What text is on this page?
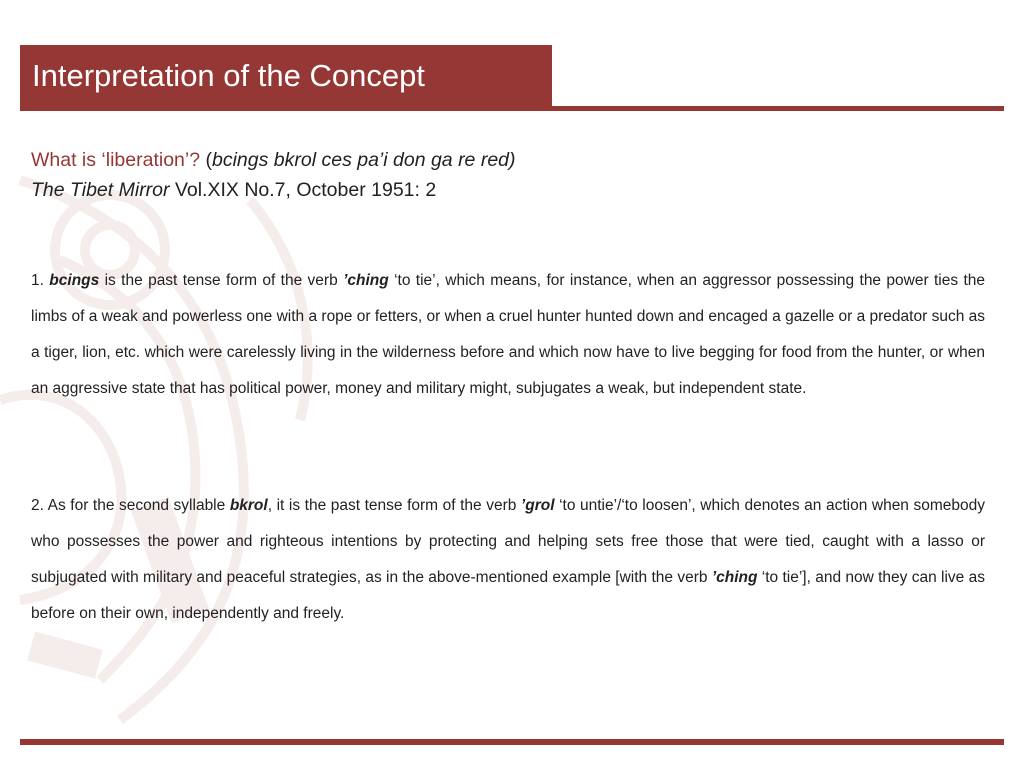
Interpretation of the Concept
What is ‘liberation’? (bcings bkrol ces pa’i don ga re red)
The Tibet Mirror Vol.XIX No.7, October 1951: 2
1. bcings is the past tense form of the verb ’ching ‘to tie’, which means, for instance, when an aggressor possessing the power ties the limbs of a weak and powerless one with a rope or fetters, or when a cruel hunter hunted down and encaged a gazelle or a predator such as a tiger, lion, etc. which were carelessly living in the wilderness before and which now have to live begging for food from the hunter, or when an aggressive state that has political power, money and military might, subjugates a weak, but independent state.
2. As for the second syllable bkrol, it is the past tense form of the verb ’grol ‘to untie’/‘to loosen’, which denotes an action when somebody who possesses the power and righteous intentions by protecting and helping sets free those that were tied, caught with a lasso or subjugated with military and peaceful strategies, as in the above-mentioned example [with the verb ’ching ‘to tie’], and now they can live as before on their own, independently and freely.
